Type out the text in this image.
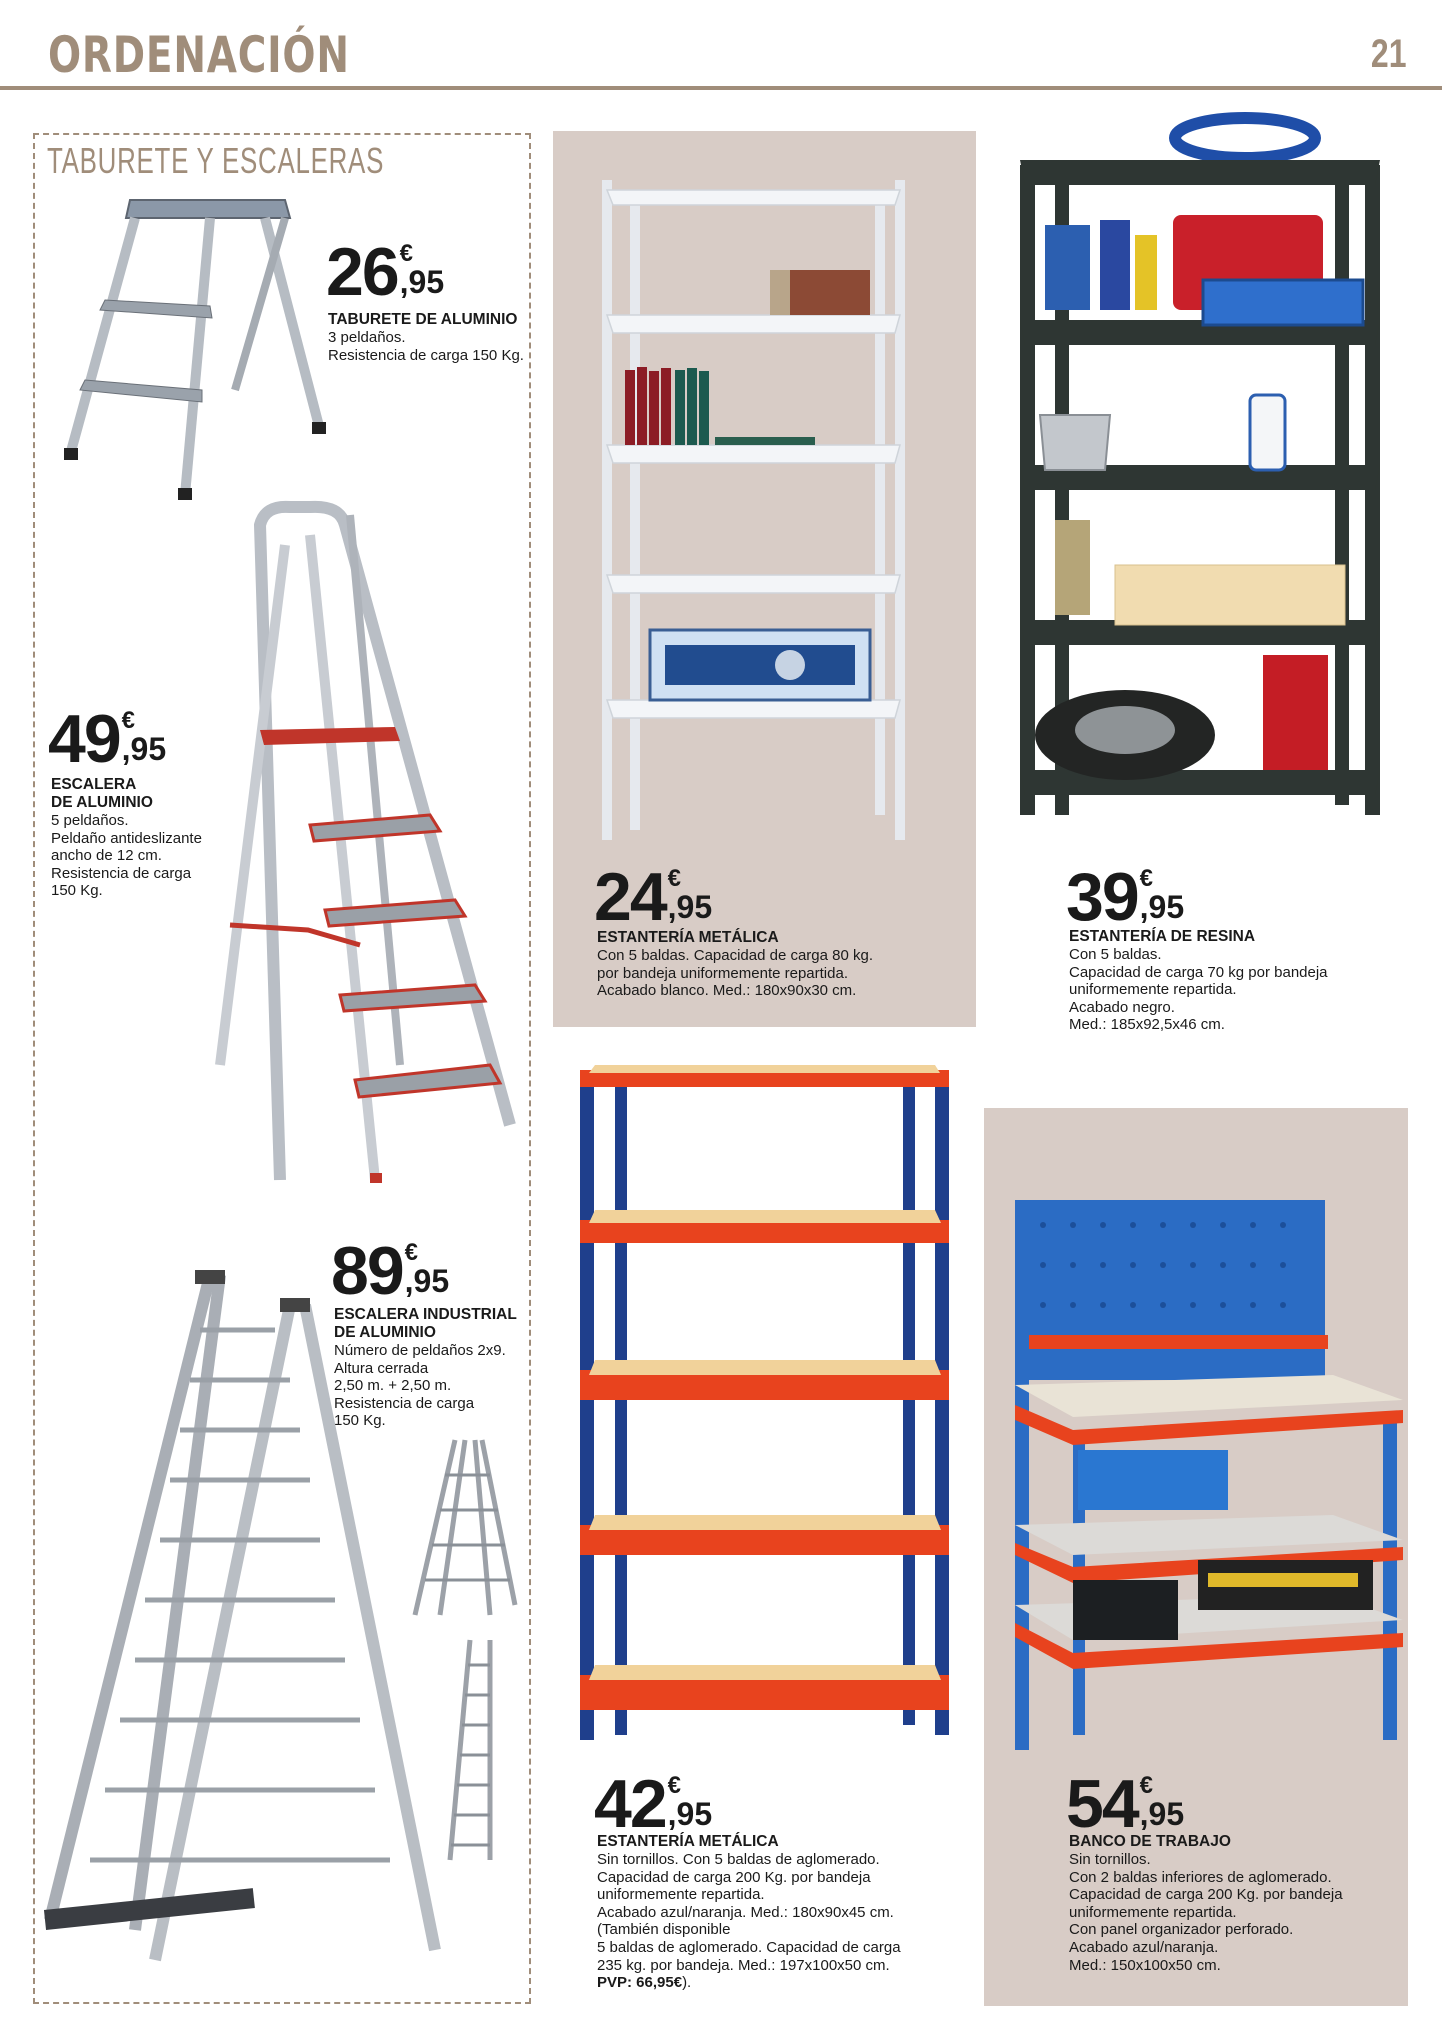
ORDENACIÓN	21
TABURETE Y ESCALERAS
26 €
,95
TABURETE DE ALUMINIO
3 peldaños.
Resistencia de carga 150 Kg.
49 €
,95
ESCALERA
DE ALUMINIO
5 peldaños.
Peldaño antideslizante
ancho de 12 cm.
Resistencia de carga
150 Kg.
89 €
,95
ESCALERA INDUSTRIAL
DE ALUMINIO
Número de peldaños 2x9.
Altura cerrada
2,50 m. + 2,50 m.
Resistencia de carga
150 Kg.
24 €
,95
ESTANTERÍA METÁLICA
Con 5 baldas. Capacidad de carga 80 kg.
por bandeja uniformemente repartida.
Acabado blanco. Med.: 180x90x30 cm.
39 €
,95
ESTANTERÍA DE RESINA
Con 5 baldas.
Capacidad de carga 70 kg por bandeja
uniformemente repartida.
Acabado negro.
Med.: 185x92,5x46 cm.
42 €
,95
ESTANTERÍA METÁLICA
Sin tornillos. Con 5 baldas de aglomerado.
Capacidad de carga 200 Kg. por bandeja
uniformemente repartida.
Acabado azul/naranja. Med.: 180x90x45 cm.
(También disponible
5 baldas de aglomerado. Capacidad de carga
235 kg. por bandeja. Med.: 197x100x50 cm.
PVP: 66,95€).
54 €
,95
BANCO DE TRABAJO
Sin tornillos.
Con 2 baldas inferiores de aglomerado.
Capacidad de carga 200 Kg. por bandeja
uniformemente repartida.
Con panel organizador perforado.
Acabado azul/naranja.
Med.: 150x100x50 cm.
